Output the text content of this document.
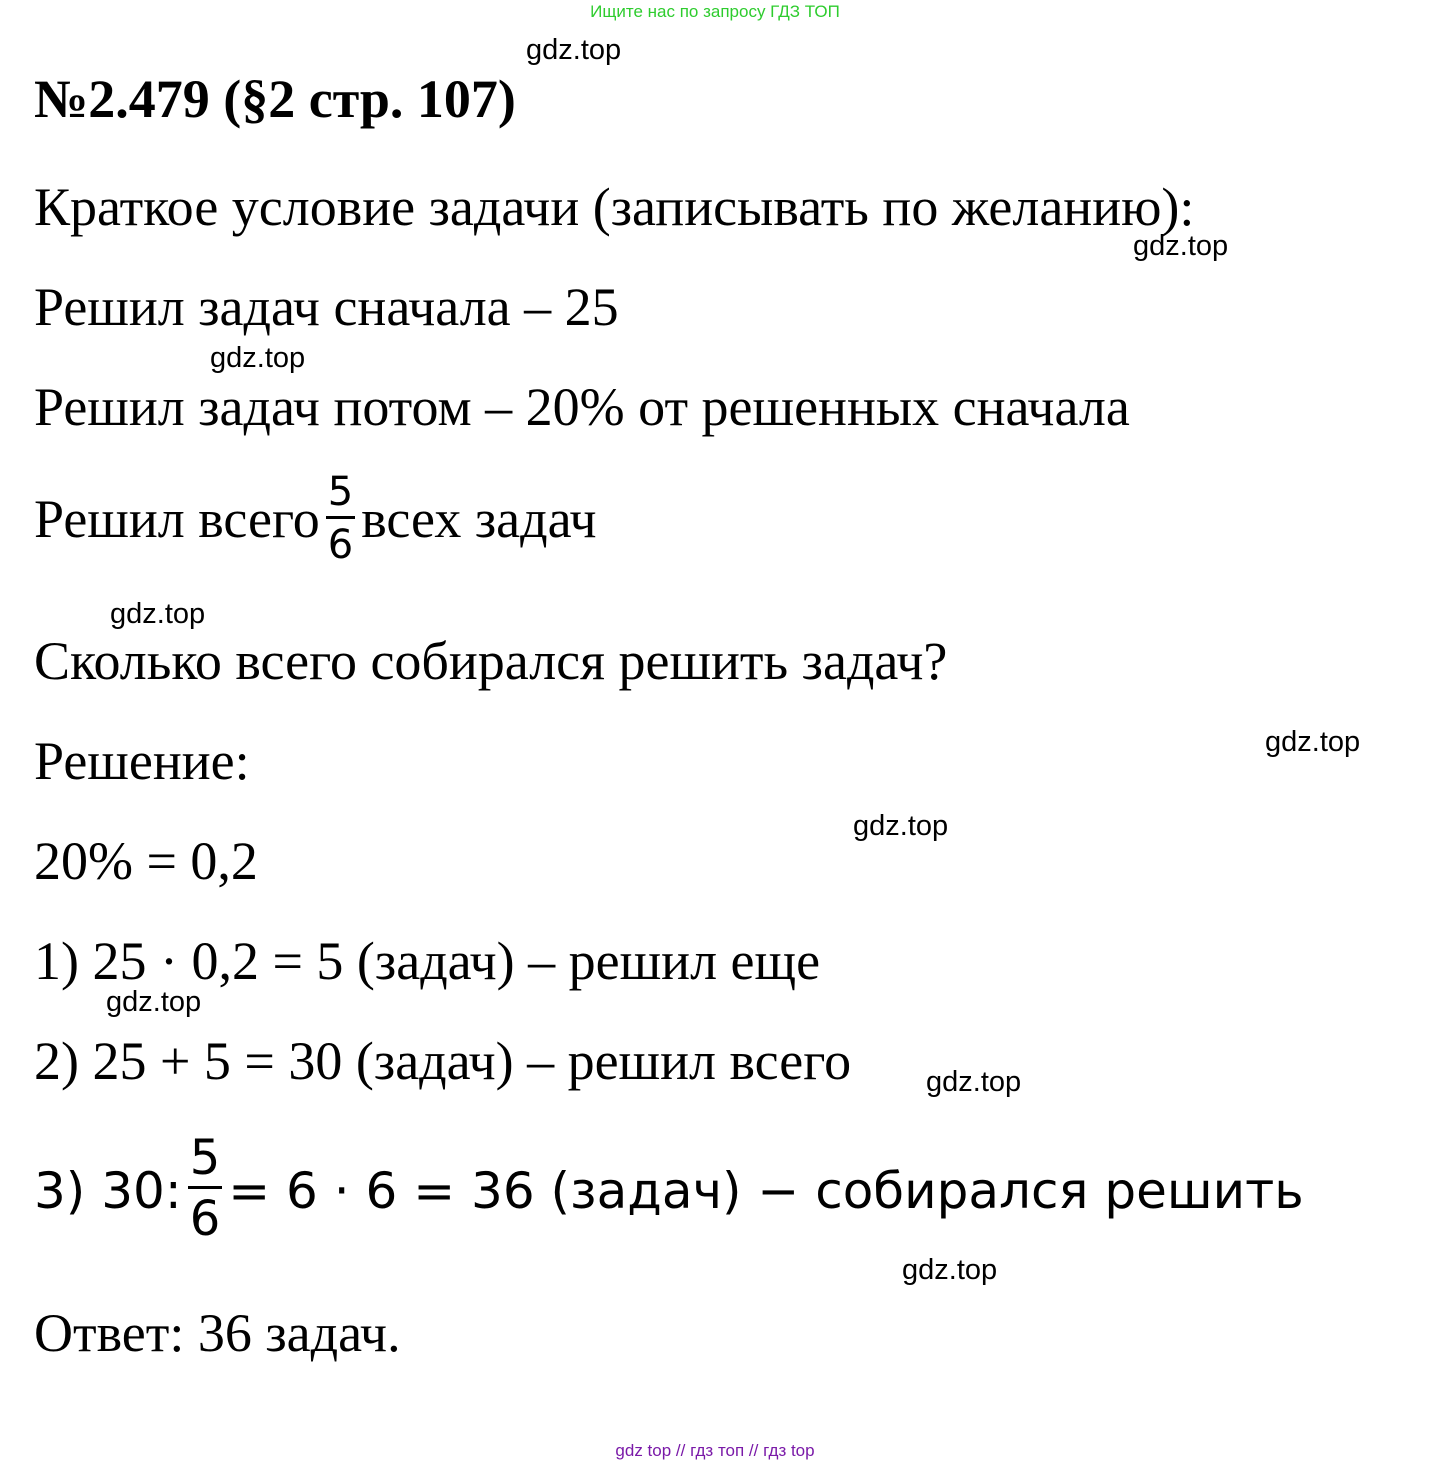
Ищите нас по запросу ГДЗ ТОП
№2.479 (§2 стр. 107)
gdz.top
gdz.top
gdz.top
gdz.top
gdz.top
gdz.top
gdz.top
gdz.top
gdz.top
Краткое условие задачи (записывать по желанию):
Решил задач сначала – 25
Решил задач потом – 20% от решенных сначала
Решил всего $\frac{5}{6}$ всех задач
Сколько всего собирался решить задач?
Решение:
20% = 0,2
1) 25 · 0,2 = 5 (задач) – решил еще
2) 25 + 5 = 30 (задач) – решил всего
3) 30: $\frac{5}{6} = 6 \cdot 6 = 36$ (задач) − собирался решить
Ответ: 36 задач.
gdz top // гдз топ // гдз top
